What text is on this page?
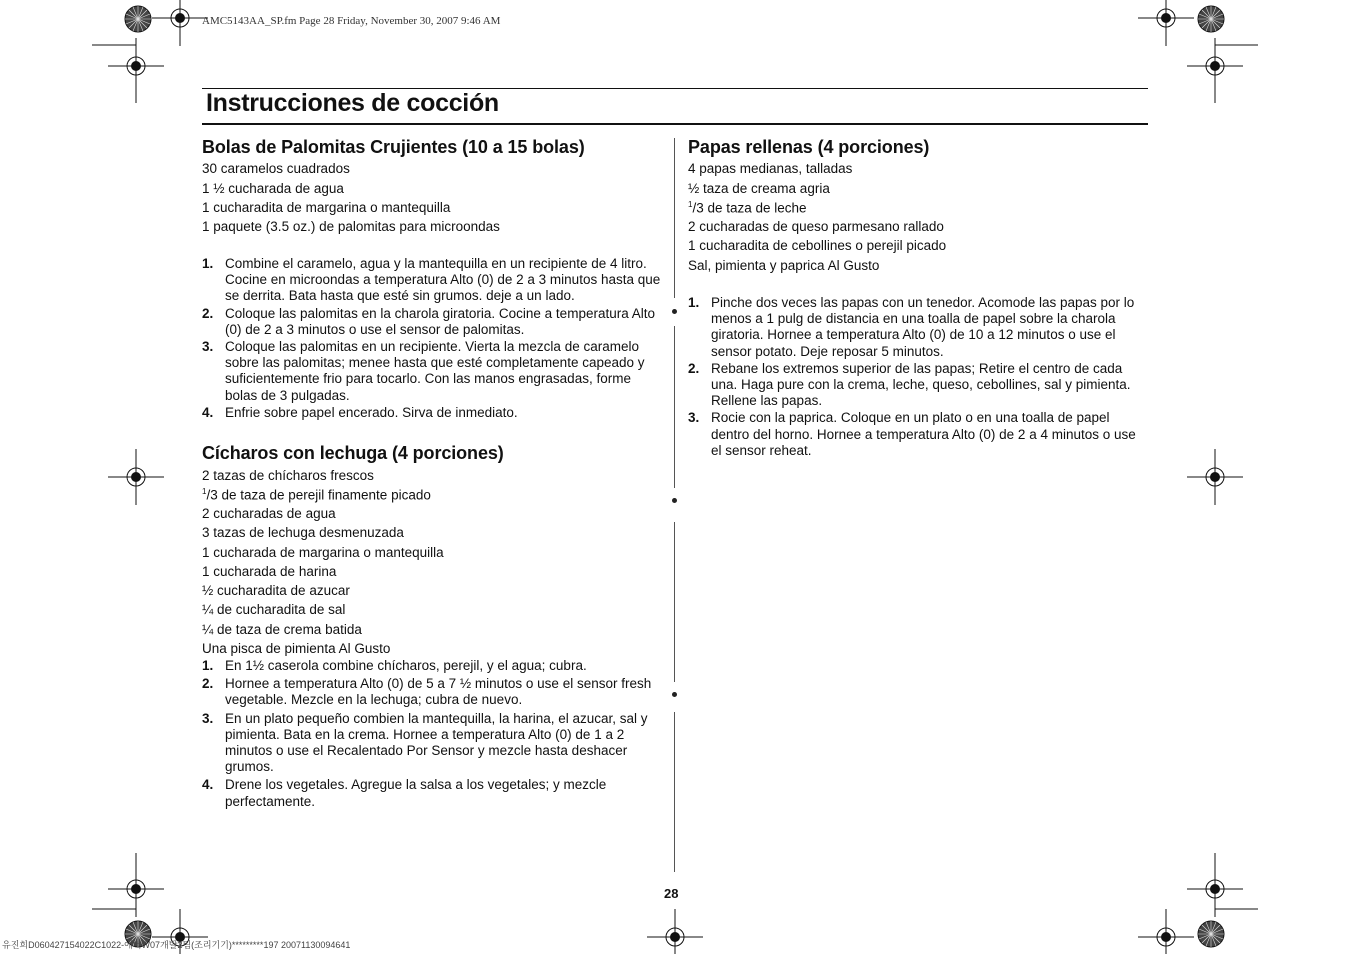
AMC5143AA_SP.fm Page 28 Friday, November 30, 2007 9:46 AM
Instrucciones de cocción
Bolas de Palomitas Crujientes (10 a 15 bolas)
30 caramelos cuadrados
1 ½ cucharada de agua
1 cucharadita de margarina o mantequilla
1 paquete (3.5 oz.) de palomitas para microondas
1. Combine el caramelo, agua y la mantequilla en un recipiente de 4 litro. Cocine en microondas a temperatura Alto (0) de 2 a 3 minutos hasta que se derrita. Bata hasta que esté sin grumos. deje a un lado.
2. Coloque las palomitas en la charola giratoria. Cocine a temperatura Alto (0) de 2 a 3 minutos o use el sensor de palomitas.
3. Coloque las palomitas en un recipiente. Vierta la mezcla de caramelo sobre las palomitas; menee hasta que esté completamente capeado y suficientemente frio para tocarlo. Con las manos engrasadas, forme bolas de 3 pulgadas.
4. Enfrie sobre papel encerado. Sirva de inmediato.
Cícharos con lechuga (4 porciones)
2 tazas de chícharos frescos
$^1$/3 de taza de perejil finamente picado
2 cucharadas de agua
3 tazas de lechuga desmenuzada
1 cucharada de margarina o mantequilla
1 cucharada de harina
½ cucharadita de azucar
¼ de cucharadita de sal
¼ de taza de crema batida
Una pisca de pimienta Al Gusto
1. En 1½ caserola combine chícharos, perejil, y el agua; cubra.
2. Hornee a temperatura Alto (0) de 5 a 7 ½ minutos o use el sensor fresh vegetable. Mezcle en la lechuga; cubra de nuevo.
3. En un plato pequeño combien la mantequilla, la harina, el azucar, sal y pimienta. Bata en la crema. Hornee a temperatura Alto (0) de 1 a 2 minutos o use el Recalentado Por Sensor y mezcle hasta deshacer grumos.
4. Drene los vegetales. Agregue la salsa a los vegetales; y mezcle perfectamente.
Papas rellenas (4 porciones)
4 papas medianas, talladas
½ taza de creama agria
$^1$/3 de taza de leche
2 cucharadas de queso parmesano rallado
1 cucharadita de cebollines o perejil picado
Sal, pimienta y paprica Al Gusto
1. Pinche dos veces las papas con un tenedor. Acomode las papas por lo menos a 1 pulg de distancia en una toalla de papel sobre la charola giratoria. Hornee a temperatura Alto (0) de 10 a 12 minutos o use el sensor potato. Deje reposar 5 minutos.
2. Rebane los extremos superior de las papas; Retire el centro de cada una. Haga pure con la crema, leche, queso, cebollines, sal y pimienta. Rellene las papas.
3. Rocie con la paprica. Coloque en un plato o en una toalla de papel dentro del horno. Hornee a temperatura Alto (0) de 2 a 4 minutos o use el sensor reheat.
28
유진희D060427154022C1022-에버W07개발2팀(조리기기)*********197 20071130094641
